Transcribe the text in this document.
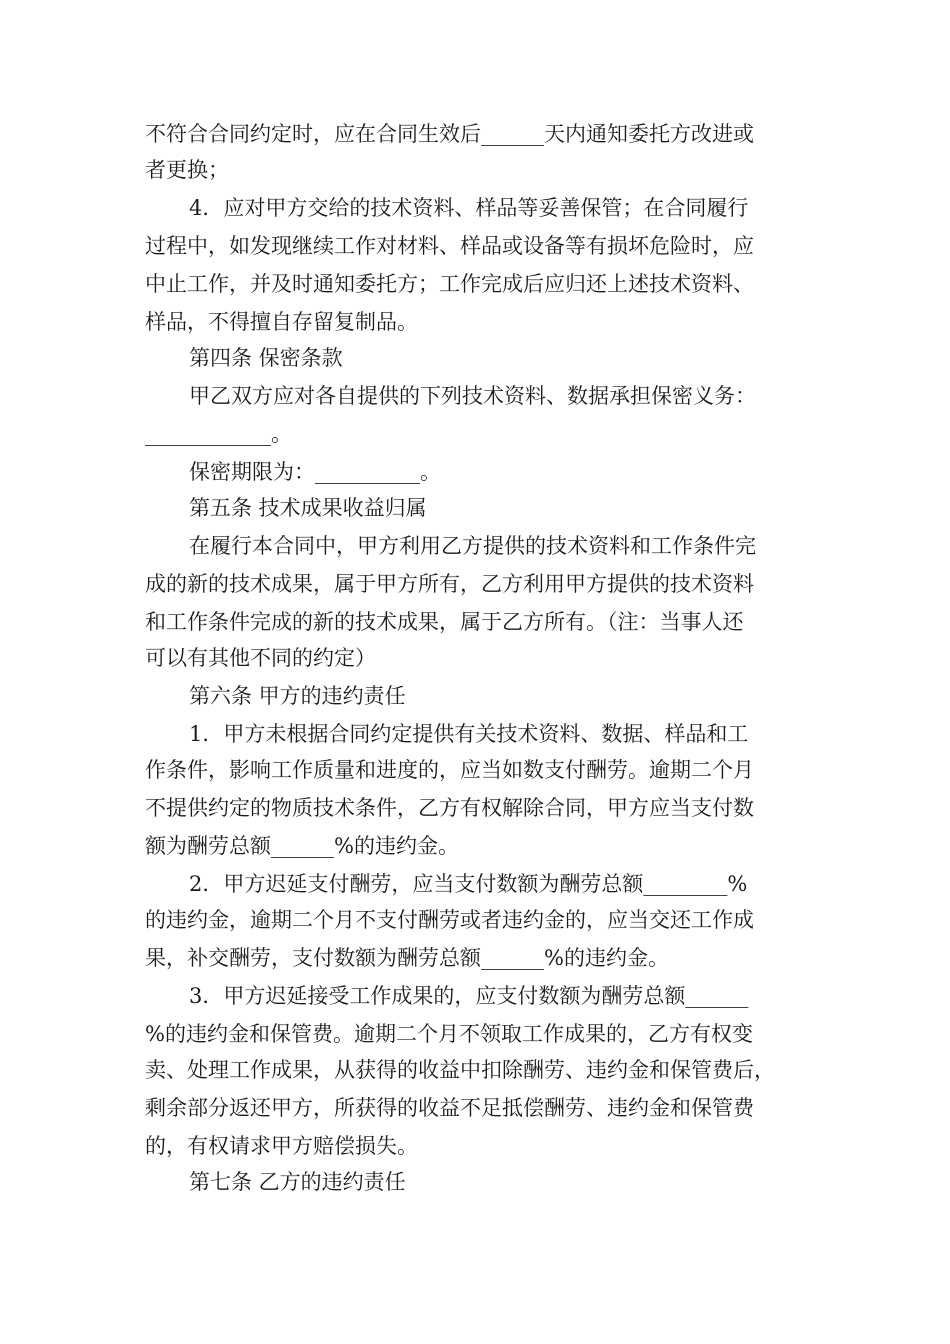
不符合合同约定时，应在合同生效后______天内通知委托方改进或
者更换；
4．应对甲方交给的技术资料、样品等妥善保管；在合同履行
过程中，如发现继续工作对材料、样品或设备等有损坏危险时，应
中止工作，并及时通知委托方；工作完成后应归还上述技术资料、
样品，不得擅自存留复制品。
第四条 保密条款
甲乙双方应对各自提供的下列技术资料、数据承担保密义务：
____________。
保密期限为：__________。
第五条 技术成果收益归属
在履行本合同中，甲方利用乙方提供的技术资料和工作条件完
成的新的技术成果，属于甲方所有，乙方利用甲方提供的技术资料
和工作条件完成的新的技术成果，属于乙方所有。（注：当事人还
可以有其他不同的约定）
第六条 甲方的违约责任
1．甲方未根据合同约定提供有关技术资料、数据、样品和工
作条件，影响工作质量和进度的，应当如数支付酬劳。逾期二个月
不提供约定的物质技术条件，乙方有权解除合同，甲方应当支付数
额为酬劳总额______%的违约金。
2．甲方迟延支付酬劳，应当支付数额为酬劳总额________%
的违约金，逾期二个月不支付酬劳或者违约金的，应当交还工作成
果，补交酬劳，支付数额为酬劳总额______%的违约金。
3．甲方迟延接受工作成果的，应支付数额为酬劳总额______
%的违约金和保管费。逾期二个月不领取工作成果的，乙方有权变
卖、处理工作成果，从获得的收益中扣除酬劳、违约金和保管费后，
剩余部分返还甲方，所获得的收益不足抵偿酬劳、违约金和保管费
的，有权请求甲方赔偿损失。
第七条 乙方的违约责任
